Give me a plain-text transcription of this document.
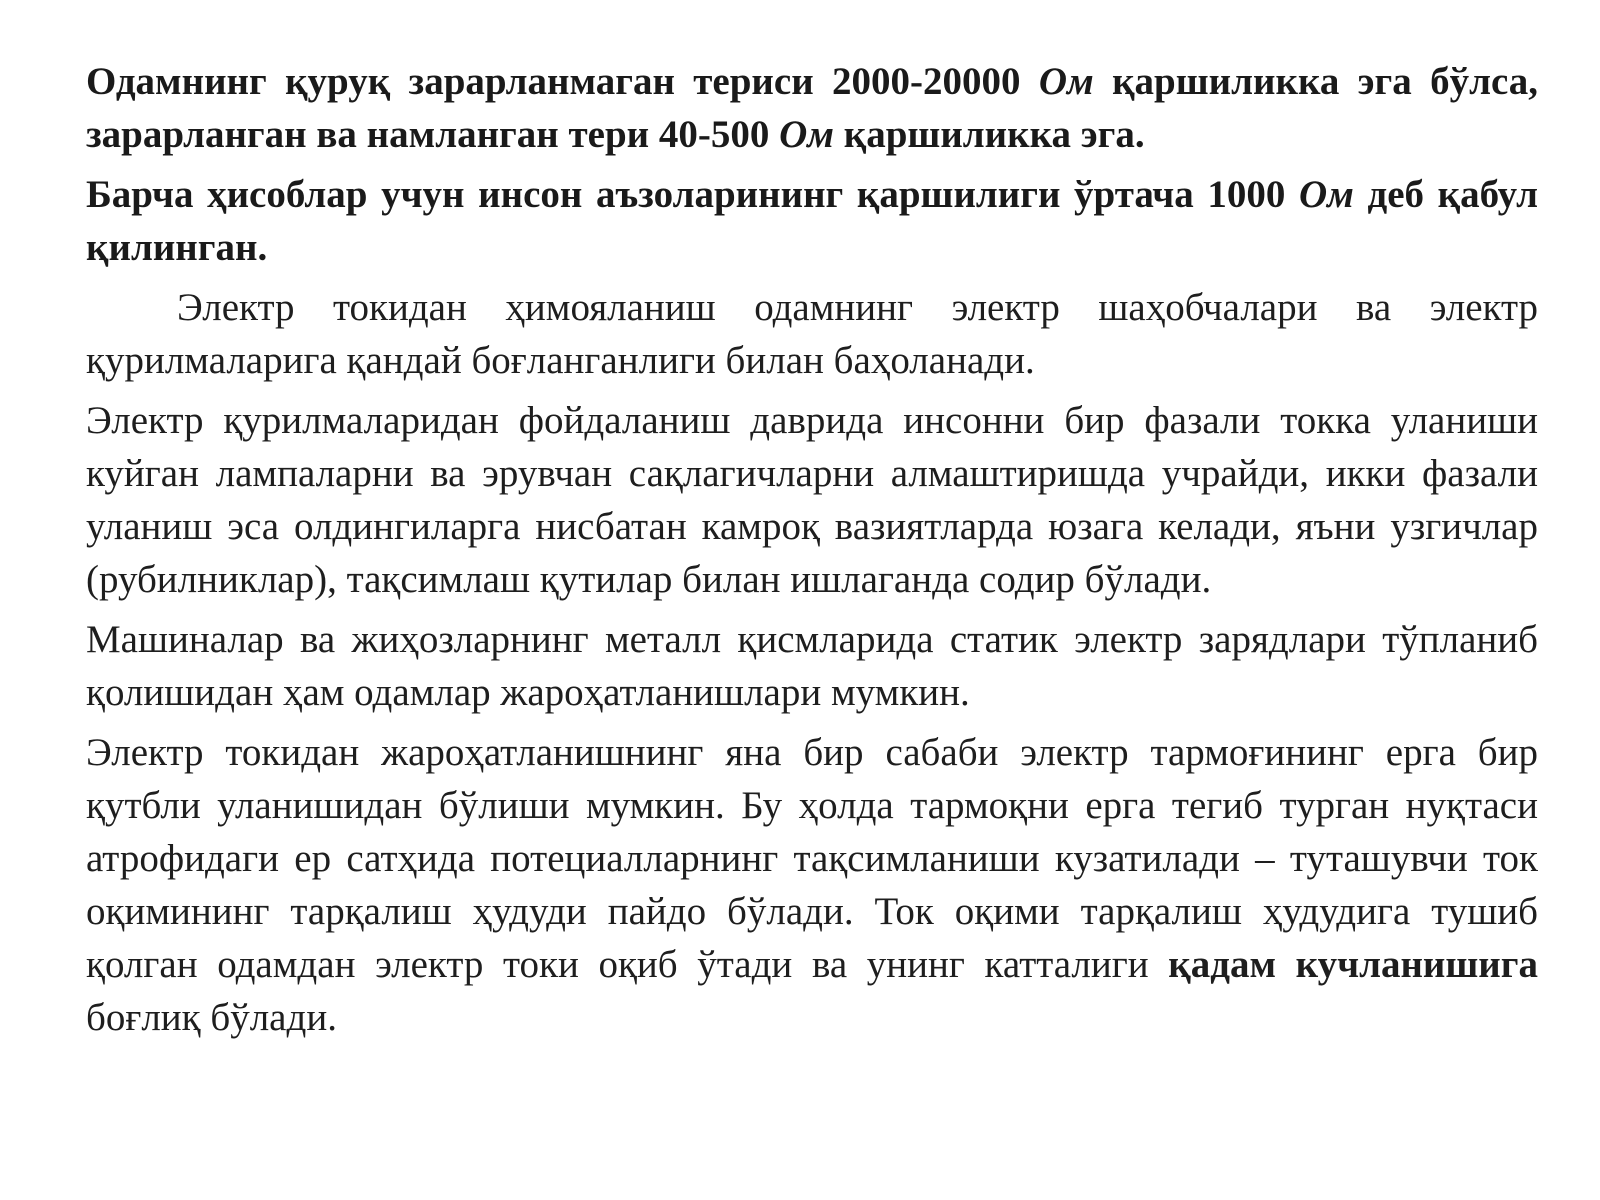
Одамнинг қуруқ зарарланмаган териси 2000-20000 Ом қаршиликка эга бўлса, зарарланган ва намланган тери 40-500 Ом қаршиликка эга.

Барча ҳисоблар учун инсон аъзоларининг қаршилиги ўртача 1000 Ом деб қабул қилинган.

Электр токидан ҳимояланиш одамнинг электр шаҳобчалари ва электр қурилмаларига қандай боғланганлиги билан баҳоланади.

Электр қурилмаларидан фойдаланиш даврида инсонни бир фазали токка уланиши куйган лампаларни ва эрувчан сақлагичларни алмаштиришда учрайди, икки фазали уланиш эса олдингиларга нисбатан камроқ вазиятларда юзага келади, яъни узгичлар (рубилниклар), тақсимлаш қутилар билан ишлаганда содир бўлади.

Машиналар ва жиҳозларнинг металл қисмларида статик электр зарядлари тўпланиб қолишидан ҳам одамлар жароҳатланишлари мумкин.

Электр токидан жароҳатланишнинг яна бир сабаби электр тармоғининг ерга бир қутбли уланишидан бўлиши мумкин. Бу ҳолда тармоқни ерга тегиб турган нуқтаси атрофидаги ер сатҳида потециалларнинг тақсимланиши кузатилади – туташувчи ток оқимининг тарқалиш ҳудуди пайдо бўлади. Ток оқими тарқалиш ҳудудига тушиб қолган одамдан электр токи оқиб ўтади ва унинг катталиги қадам кучланишига боғлиқ бўлади.
